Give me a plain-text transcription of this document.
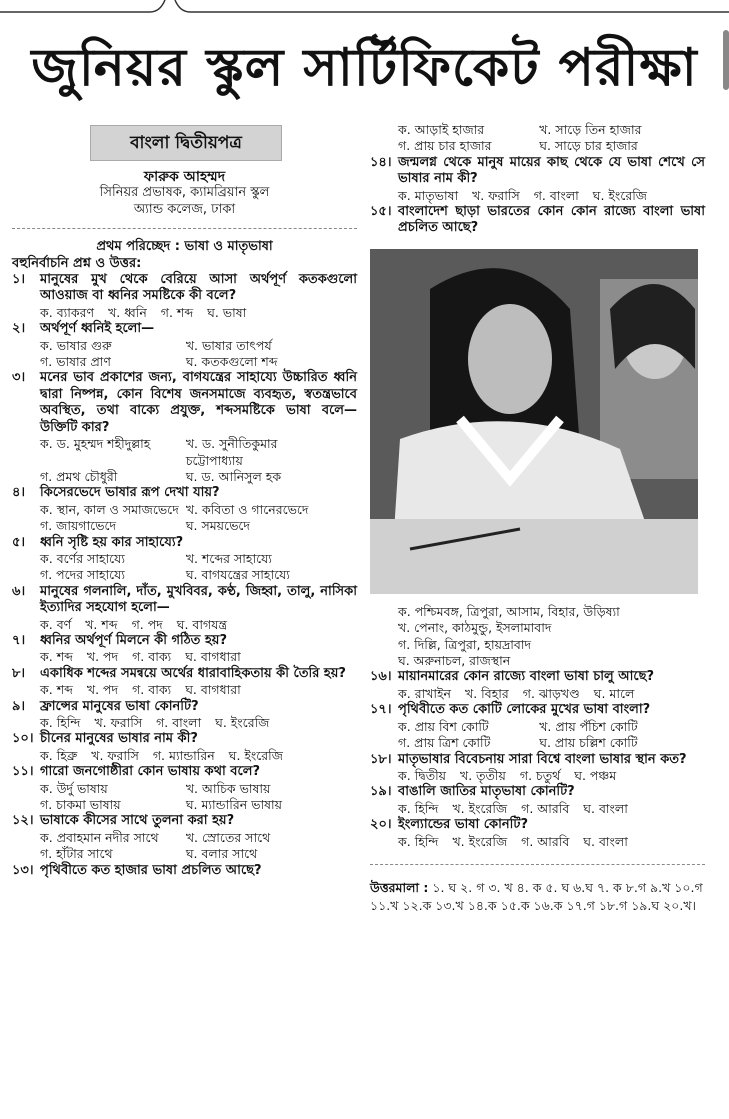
জুনিয়র স্কুল সার্টিফিকেট পরীক্ষা
বাংলা দ্বিতীয়পত্র
ফারুক আহম্মদ
সিনিয়র প্রভাষক, ক্যামব্রিয়ান স্কুল
অ্যান্ড কলেজ, ঢাকা
প্রথম পরিচ্ছেদ : ভাষা ও মাতৃভাষা
বহুনির্বাচনি প্রশ্ন ও উত্তর:
১।	মানুষের মুখ থেকে বেরিয়ে আসা অর্থপূর্ণ কতকগুলো আওয়াজ বা ধ্বনির সমষ্টিকে কী বলে?
ক. ব্যাকরণ খ. ধ্বনি গ. শব্দ ঘ. ভাষা
২।	অর্থপূর্ণ ধ্বনিই হলো—
ক. ভাষার গুরু	খ. ভাষার তাৎপর্য
গ. ভাষার প্রাণ	ঘ. কতকগুলো শব্দ
৩।	মনের ভাব প্রকাশের জন্য, বাগযন্ত্রের সাহায্যে উচ্চারিত ধ্বনি দ্বারা নিষ্পন্ন, কোন বিশেষ জনসমাজে ব্যবহৃত, স্বতন্ত্রভাবে অবস্থিত, তথা বাক্যে প্রযুক্ত, শব্দসমষ্টিকে ভাষা বলে— উক্তিটি কার?
ক. ড. মুহম্মদ শহীদুল্লাহ	খ. ড. সুনীতিকুমার চট্টোপাধ্যায়
গ. প্রমথ চৌধুরী	ঘ. ড. আনিসুল হক
৪।	কিসেরভেদে ভাষার রূপ দেখা যায়?
ক. স্থান, কাল ও সমাজভেদে খ. কবিতা ও গানেরভেদে
গ. জায়গাভেদে	ঘ. সময়ভেদে
৫।	ধ্বনি সৃষ্টি হয় কার সাহায্যে?
ক. বর্ণের সাহায্যে	খ. শব্দের সাহায্যে
গ. পদের সাহায্যে	ঘ. বাগযন্ত্রের সাহায্যে
৬।	মানুষের গলনালি, দাঁত, মুখবিবর, কণ্ঠ, জিহ্বা, তালু, নাসিকা ইত্যাদির সহযোগ হলো—
ক. বর্ণ খ. শব্দ গ. পদ ঘ. বাগযন্ত্র
৭।	ধ্বনির অর্থপূর্ণ মিলনে কী গঠিত হয়?
ক. শব্দ খ. পদ গ. বাক্য ঘ. বাগধারা
৮।	একাধিক শব্দের সমন্বয়ে অর্থের ধারাবাহিকতায় কী তৈরি হয়?
ক. শব্দ খ. পদ গ. বাক্য ঘ. বাগধারা
৯।	ফ্রান্সের মানুষের ভাষা কোনটি?
ক. হিন্দি খ. ফরাসি গ. বাংলা ঘ. ইংরেজি
১০। চীনের মানুষের ভাষার নাম কী?
ক. হিব্রু খ. ফরাসি গ. ম্যান্ডারিন ঘ. ইংরেজি
১১। গারো জনগোষ্ঠীরা কোন ভাষায় কথা বলে?
ক. উর্দু ভাষায়	খ. আচিক ভাষায়
গ. চাকমা ভাষায়	ঘ. ম্যান্ডারিন ভাষায়
১২। ভাষাকে কীসের সাথে তুলনা করা হয়?
ক. প্রবাহমান নদীর সাথে	খ. স্রোতের সাথে
গ. হাঁটার সাথে	ঘ. বলার সাথে
১৩। পৃথিবীতে কত হাজার ভাষা প্রচলিত আছে?
ক. আড়াই হাজার	খ. সাড়ে তিন হাজার
গ. প্রায় চার হাজার	ঘ. সাড়ে চার হাজার
১৪। জন্মলগ্ন থেকে মানুষ মায়ের কাছ থেকে যে ভাষা শেখে সে ভাষার নাম কী?
ক. মাতৃভাষা খ. ফরাসি গ. বাংলা ঘ. ইংরেজি
১৫। বাংলাদেশ ছাড়া ভারতের কোন কোন রাজ্যে বাংলা ভাষা প্রচলিত আছে?
ক. পশ্চিমবঙ্গ, ত্রিপুরা, আসাম, বিহার, উড়িষ্যা
খ. পেনাং, কাঠমুন্ডু, ইসলামাবাদ
গ. দিল্লি, ত্রিপুরা, হায়দ্রাবাদ
ঘ. অরুনাচল, রাজস্থান
১৬। মায়ানমারের কোন রাজ্যে বাংলা ভাষা চালু আছে?
ক. রাখাইন খ. বিহার গ. ঝাড়খণ্ড ঘ. মালে
১৭। পৃথিবীতে কত কোটি লোকের মুখের ভাষা বাংলা?
ক. প্রায় বিশ কোটি	খ. প্রায় পঁচিশ কোটি
গ. প্রায় ত্রিশ কোটি	ঘ. প্রায় চল্লিশ কোটি
১৮। মাতৃভাষার বিবেচনায় সারা বিশ্বে বাংলা ভাষার স্থান কত?
ক. দ্বিতীয় খ. তৃতীয় গ. চতুর্থ ঘ. পঞ্চম
১৯। বাঙালি জাতির মাতৃভাষা কোনটি?
ক. হিন্দি খ. ইংরেজি গ. আরবি ঘ. বাংলা
২০। ইংল্যান্ডের ভাষা কোনটি?
ক. হিন্দি খ. ইংরেজি গ. আরবি ঘ. বাংলা
উত্তরমালা : ১. ঘ ২. গ ৩. খ ৪. ক ৫. ঘ ৬.ঘ ৭. ক ৮.গ ৯.খ ১০.গ ১১.খ ১২.ক ১৩.খ ১৪.ক ১৫.ক ১৬.ক ১৭.গ ১৮.গ ১৯.ঘ ২০.খ।
